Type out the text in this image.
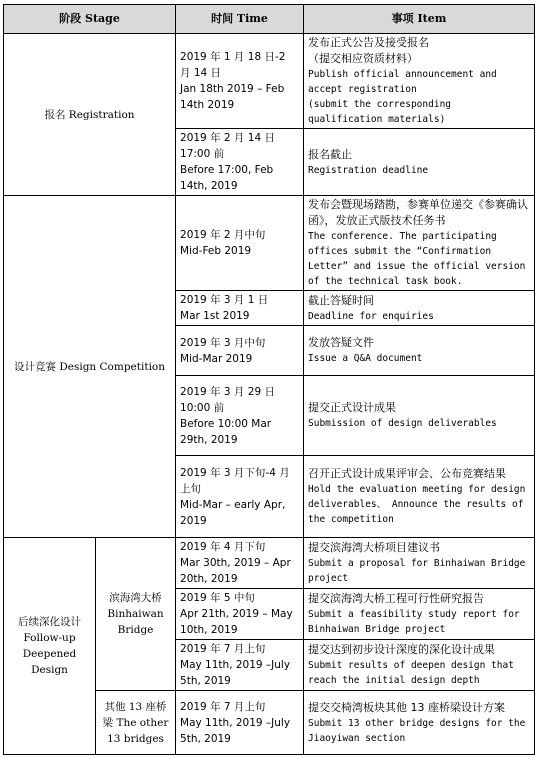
阶段 Stage		时间 Time	事项 Item
报名 Registration		2019 年 1 月 18 日-2 月 14 日
Jan 18th 2019 – Feb 14th 2019	发布正式公告及接受报名
（提交相应资质材料）
Publish official announcement and accept registration
(submit the corresponding qualification materials)

		2019 年 2 月 14 日 17:00 前
Before 17:00, Feb 14th, 2019	报名截止
Registration deadline

设计竞赛 Design Competition		2019 年 2 月中旬
Mid-Feb 2019	发布会暨现场踏勘，参赛单位递交《参赛确认函》，发放正式版技术任务书
The conference. The participating offices submit the “Confirmation Letter” and issue the official version of the technical task book.

		2019 年 3 月 1 日
Mar 1st 2019	截止答疑时间
Deadline for enquiries

		2019 年 3 月中旬
Mid-Mar 2019	发放答疑文件
Issue a Q&A document

		2019 年 3 月 29 日 10:00 前
Before 10:00 Mar 29th, 2019	提交正式设计成果
Submission of design deliverables

		2019 年 3 月下旬-4 月上旬
Mid-Mar – early Apr, 2019	召开正式设计成果评审会、公布竞赛结果
Hold the evaluation meeting for design deliverables、 Announce the results of the competition

后续深化设计 Follow-up Deepened Design	滨海湾大桥 Binhaiwan Bridge	2019 年 4 月下旬
Mar 30th, 2019 – Apr 20th, 2019	提交滨海湾大桥项目建议书
Submit a proposal for Binhaiwan Bridge project

		2019 年 5 中旬
Apr 21th, 2019 – May 10th, 2019	提交滨海湾大桥工程可行性研究报告
Submit a feasibility study report for Binhaiwan Bridge project

		2019 年 7 月上旬
May 11th, 2019 –July 5th, 2019	提交达到初步设计深度的深化设计成果
Submit results of deepen design that reach the initial design depth

	其他 13 座桥梁 The other 13 bridges	2019 年 7 月上旬
May 11th, 2019 –July 5th, 2019	提交交椅湾板块其他 13 座桥梁设计方案
Submit 13 other bridge designs for the Jiaoyiwan section
